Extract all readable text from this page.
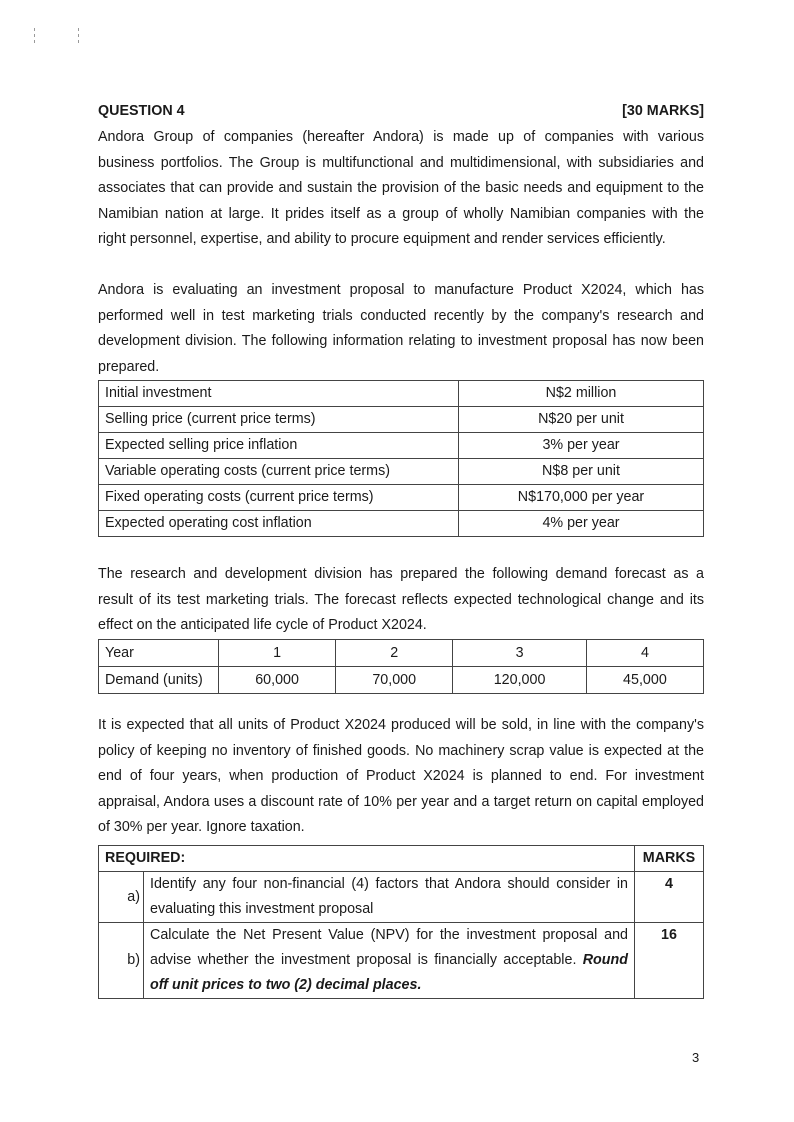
QUESTION 4	[30 MARKS]

Andora Group of companies (hereafter Andora) is made up of companies with various
business portfolios. The Group is multifunctional and multidimensional, with subsidiaries and
associates that can provide and sustain the provision of the basic needs and equipment to the
Namibian nation at large. It prides itself as a group of wholly Namibian companies with the
right personnel, expertise, and ability to procure equipment and render services efficiently.

Andora is evaluating an investment proposal to manufacture Product X2024, which has
performed well in test marketing trials conducted recently by the company's research and
development division. The following information relating to investment proposal has now been
prepared.

Initial investment	N$2 million
Selling price (current price terms)	N$20 per unit
Expected selling price inflation	3% per year
Variable operating costs (current price terms)	N$8 per unit
Fixed operating costs (current price terms)	N$170,000 per year
Expected operating cost inflation	4% per year

The research and development division has prepared the following demand forecast as a
result of its test marketing trials. The forecast reflects expected technological change and its
effect on the anticipated life cycle of Product X2024.

Year	1	2	3	4
Demand (units)	60,000	70,000	120,000	45,000

It is expected that all units of Product X2024 produced will be sold, in line with the company's
policy of keeping no inventory of finished goods. No machinery scrap value is expected at the
end of four years, when production of Product X2024 is planned to end. For investment
appraisal, Andora uses a discount rate of 10% per year and a target return on capital employed
of 30% per year. Ignore taxation.

REQUIRED:		MARKS
a)	Identify any four non-financial (4) factors that Andora should consider in
evaluating this investment proposal	4
b)	Calculate the Net Present Value (NPV) for the investment proposal and
advise whether the investment proposal is financially acceptable. Round
off unit prices to two (2) decimal places.	16
3
